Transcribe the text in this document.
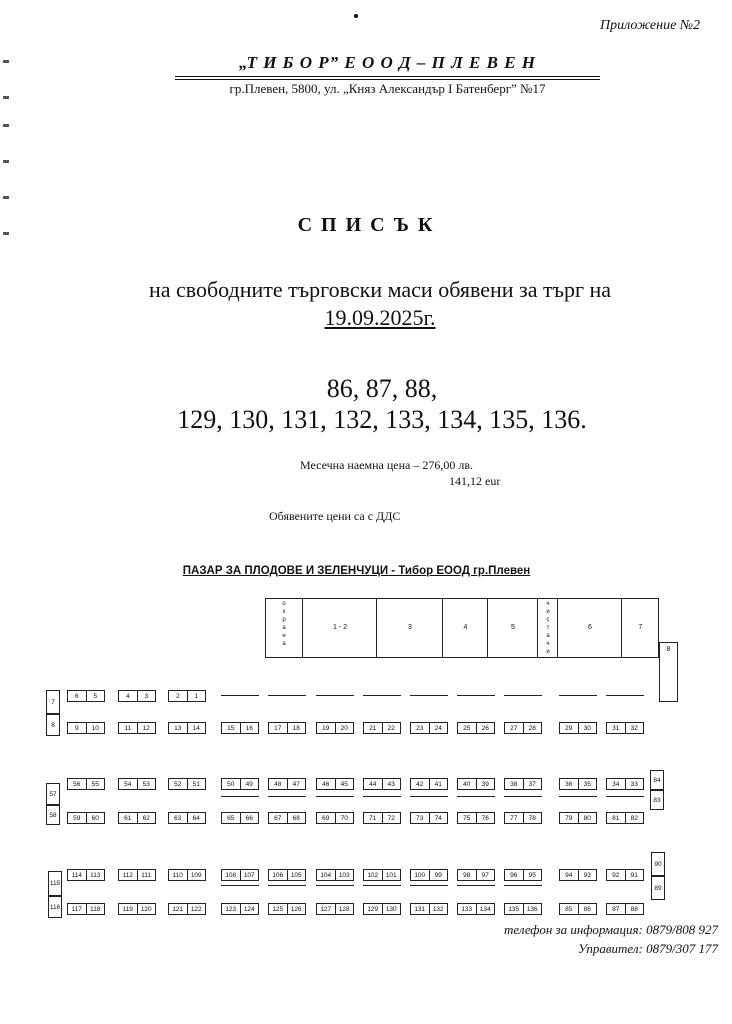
Приложение №2
„Т И Б О Р” Е О О Д – П Л Е В Е Н
гр.Плевен, 5800, ул. „Княз Александър I Батенберг” №17
С П И С Ъ К
на свободните търговски маси обявени за търг на
19.09.2025г.
86, 87, 88,
129, 130, 131, 132, 133, 134, 135, 136.
Месечна наемна цена – 276,00 лв.
141,12 eur
Обявените цени са с ДДС
ПАЗАР ЗА ПЛОДОВЕ И ЗЕЛЕНЧУЦИ - Тибор ЕООД гр.Плевен
о
х
р
а
н
а
1 - 2	3	4	5
ч
и
с
т
а
ч
и
6	7
8
6	5	4	3	2	1
9	10	11	12	13	14	15	16	17	18	19	20	21	22	23	24	25	26	27	28	29	30	31	32
7
8
56	55	54	53	52	51	50	49	48	47	46	45	44	43	42	41	40	39	38	37	36	35	34	33
59	60	61	62	63	64	65	66	67	68	69	70	71	72	73	74	75	76	77	78	79	80	81	82
57
58
84
83
114	113	112	111	110	109	108	107	106	105	104	103	102	101	100	99	98	97	96	95	94	93	92	91
117	118	119	120	121	122	123	124	125	126	127	128	129	130	131	132	133	134	135	136	85	86	87	88
115
116
90
89
телефон за информация: 0879/808 927
Управител: 0879/307 177
